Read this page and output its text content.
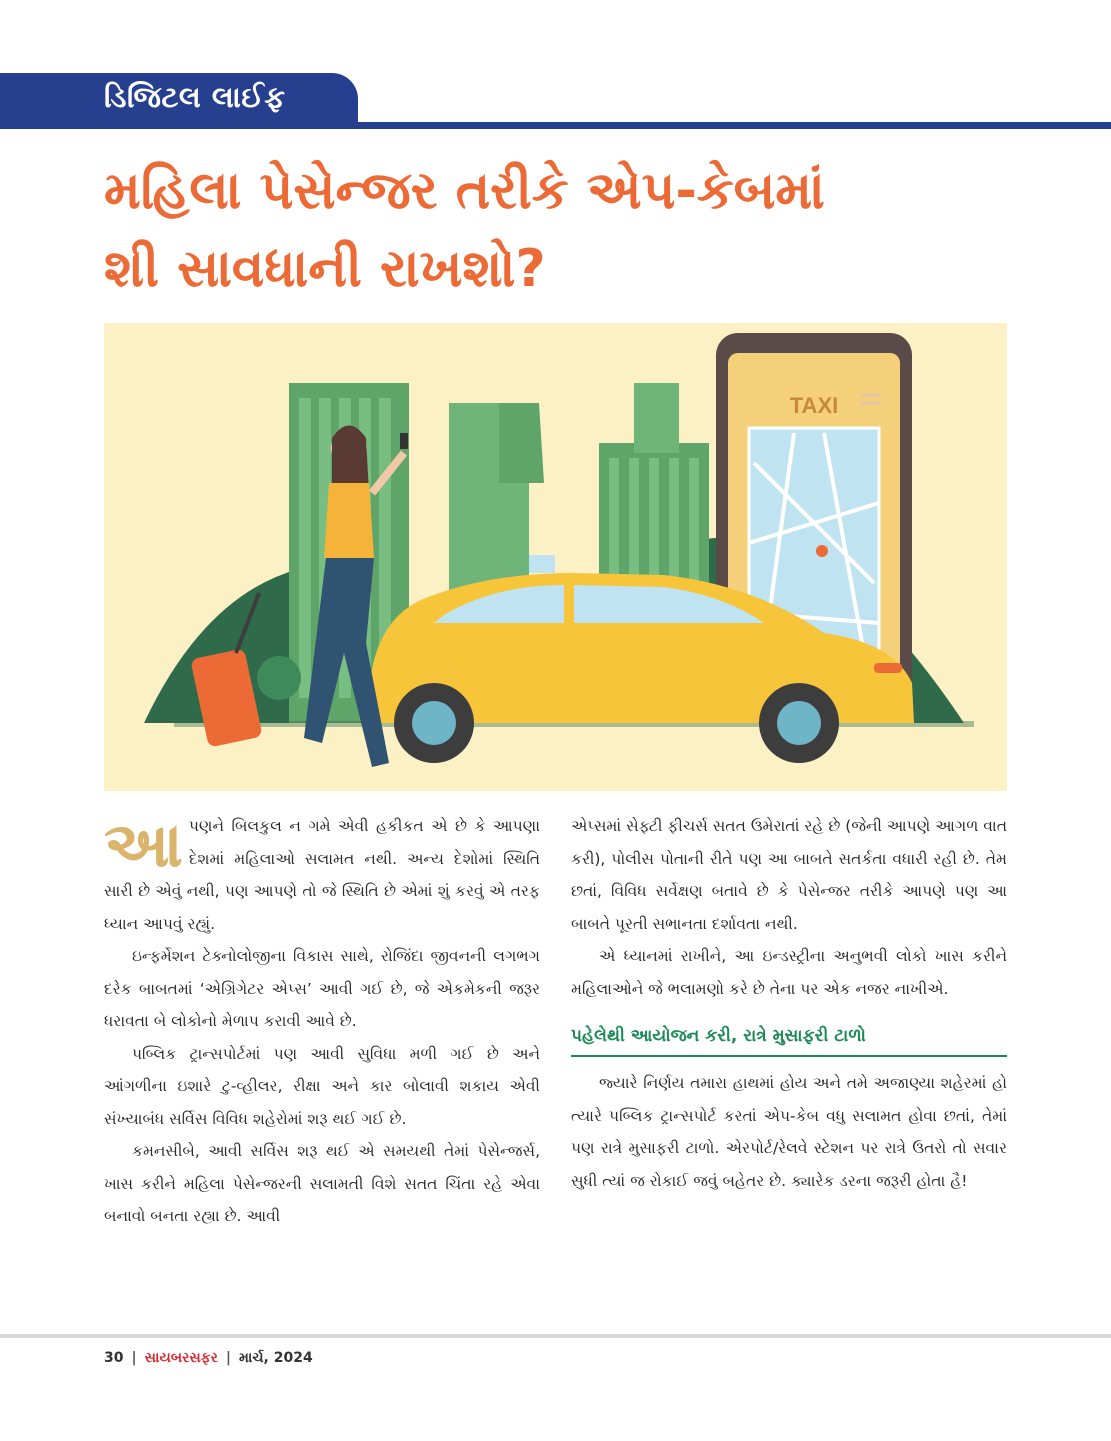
ડિજિટલ લાઈફ
મહિલા પેસેન્જર તરીકે એપ-કેબમાં
શી સાવધાની રાખશો?
TAXI

આપણને બિલકુલ ન ગમે એવી હકીકત એ છે કે આપણા દેશમાં મહિલાઓ સલામત નથી. અન્ય દેશોમાં સ્થિતિ સારી છે એવું નથી, પણ આપણે તો જે સ્થિતિ છે એમાં શું કરવું એ તરફ ધ્યાન આપવું રહ્યું.

ઇન્ફર્મેશન ટેક્નોલોજીના વિકાસ સાથે, રોજિંદા જીવનની લગભગ દરેક બાબતમાં ‘એગ્રિગેટર એપ્સ’ આવી ગઈ છે, જે એકમેકની જરૂર ધરાવતા બે લોકોનો મેળાપ કરાવી આવે છે.

પબ્લિક ટ્રાન્સપોર્ટમાં પણ આવી સુવિધા મળી ગઈ છે અને આંગળીના ઇશારે ટુ-વ્હીલર, રીક્ષા અને કાર બોલાવી શકાય એવી સંખ્યાબંધ સર્વિસ વિવિધ શહેરોમાં શરૂ થઈ ગઈ છે.

કમનસીબે, આવી સર્વિસ શરૂ થઈ એ સમયથી તેમાં પેસેન્જર્સ, ખાસ કરીને મહિલા પેસેન્જરની સલામતી વિશે સતત ચિંતા રહે એવા બનાવો બનતા રહ્યા છે. આવી

એપ્સમાં સેફ્ટી ફીચર્સ સતત ઉમેરાતાં રહે છે (જેની આપણે આગળ વાત કરી), પોલીસ પોતાની રીતે પણ આ બાબતે સતર્કતા વધારી રહી છે. તેમ છતાં, વિવિધ સર્વેક્ષણ બતાવે છે કે પેસેન્જર તરીકે આપણે પણ આ બાબતે પૂરતી સભાનતા દર્શાવતા નથી.

એ ધ્યાનમાં રાખીને, આ ઇન્ડસ્ટ્રીના અનુભવી લોકો ખાસ કરીને મહિલાઓને જે ભલામણો કરે છે તેના પર એક નજર નાખીએ.

પહેલેથી આયોજન કરી, રાત્રે મુસાફરી ટાળો

જ્યારે નિર્ણય તમારા હાથમાં હોય અને તમે અજાણ્યા શહેરમાં હો ત્યારે પબ્લિક ટ્રાન્સપોર્ટ કરતાં એપ-કેબ વધુ સલામત હોવા છતાં, તેમાં પણ રાત્રે મુસાફરી ટાળો. એરપોર્ટ/રેલવે સ્ટેશન પર રાત્રે ઉતરો તો સવાર સુધી ત્યાં જ રોકાઈ જવું બહેતર છે. ક્યારેક ડરના જરૂરી હોતા હૈ!

30 | સાયબરસફર | માર્ચ, 2024
